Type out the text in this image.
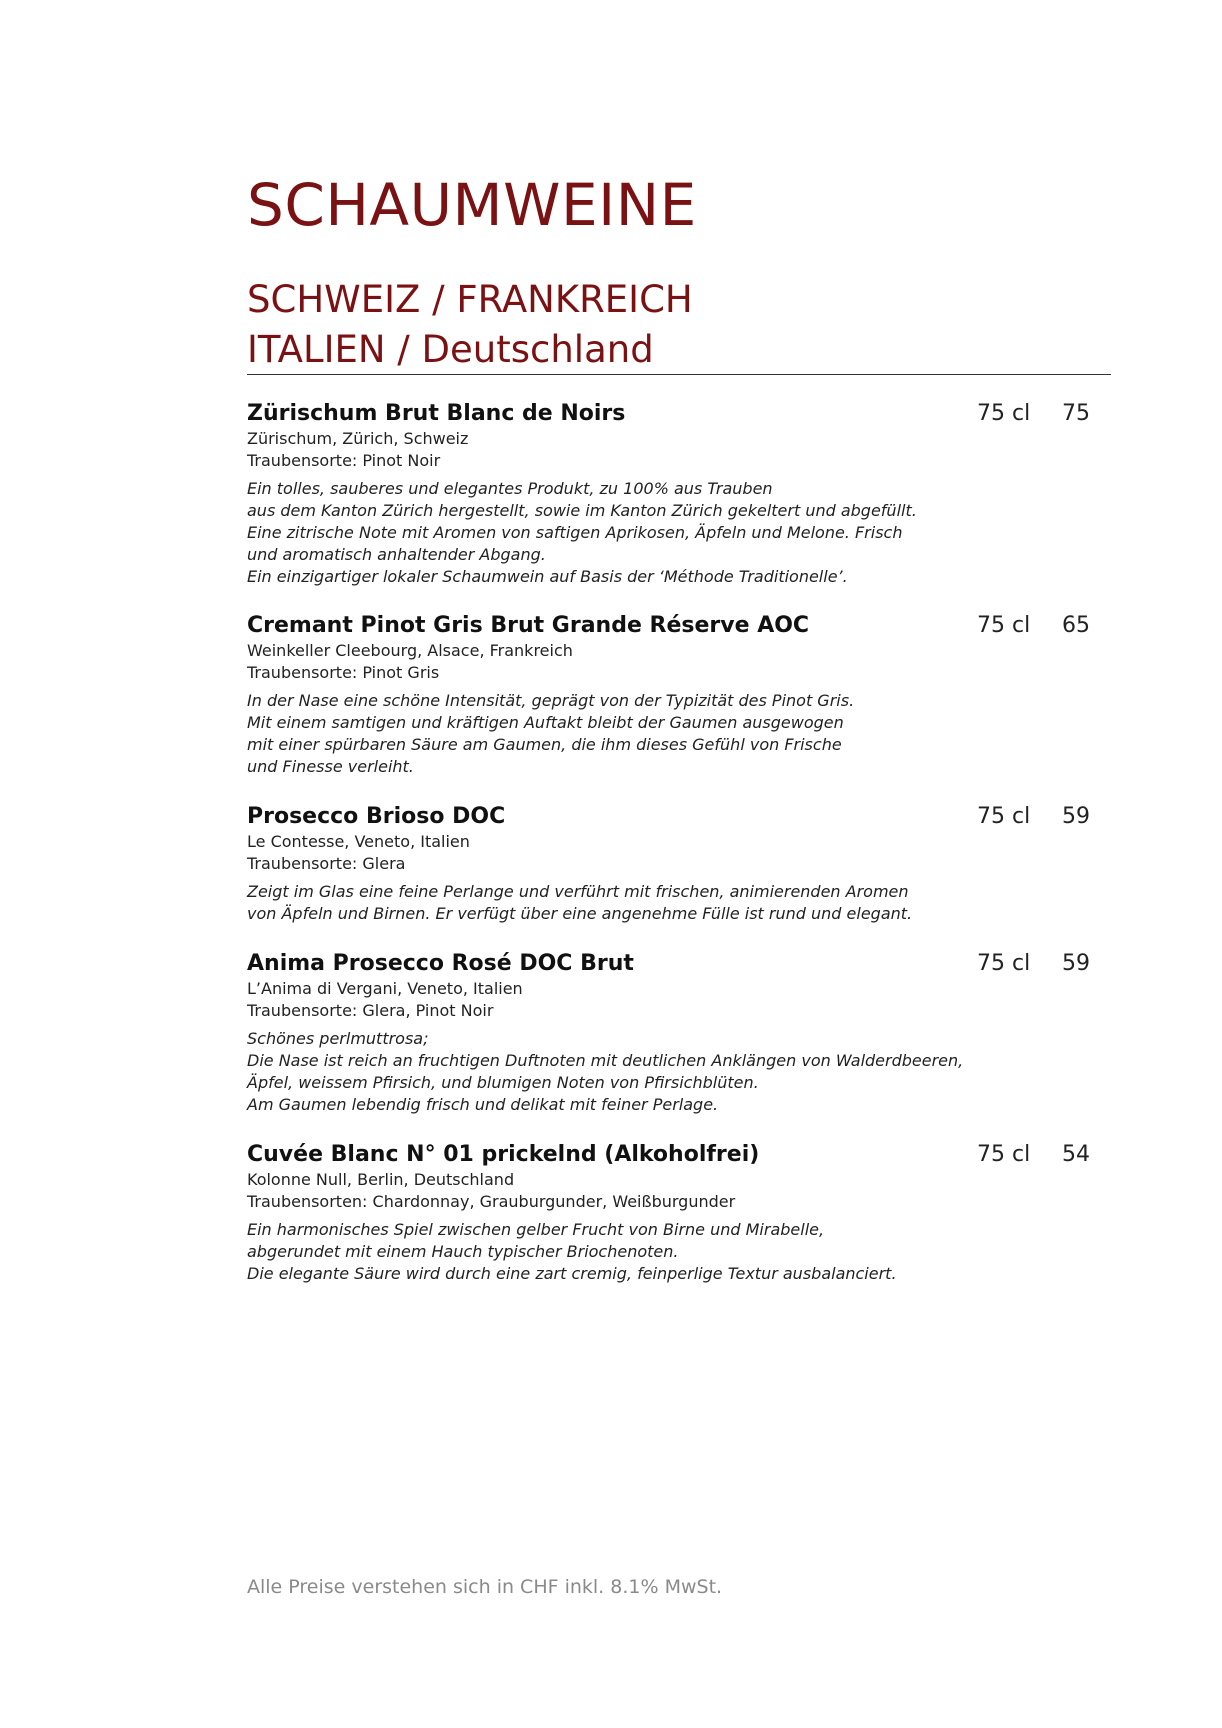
SCHAUMWEINE
SCHWEIZ / FRANKREICH
ITALIEN / Deutschland
Zürischum Brut Blanc de Noirs	75 cl 75
Zürischum, Zürich, Schweiz
Traubensorte: Pinot Noir
Ein tolles, sauberes und elegantes Produkt, zu 100% aus Trauben
aus dem Kanton Zürich hergestellt, sowie im Kanton Zürich gekeltert und abgefüllt.
Eine zitrische Note mit Aromen von saftigen Aprikosen, Äpfeln und Melone. Frisch
und aromatisch anhaltender Abgang.
Ein einzigartiger lokaler Schaumwein auf Basis der ‘Méthode Traditionelle’.
Cremant Pinot Gris Brut Grande Réserve AOC	75 cl 65
Weinkeller Cleebourg, Alsace, Frankreich
Traubensorte: Pinot Gris
In der Nase eine schöne Intensität, geprägt von der Typizität des Pinot Gris.
Mit einem samtigen und kräftigen Auftakt bleibt der Gaumen ausgewogen
mit einer spürbaren Säure am Gaumen, die ihm dieses Gefühl von Frische
und Finesse verleiht.
Prosecco Brioso DOC	75 cl 59
Le Contesse, Veneto, Italien
Traubensorte: Glera
Zeigt im Glas eine feine Perlange und verführt mit frischen, animierenden Aromen
von Äpfeln und Birnen. Er verfügt über eine angenehme Fülle ist rund und elegant.
Anima Prosecco Rosé DOC Brut	75 cl 59
L’Anima di Vergani, Veneto, Italien
Traubensorte: Glera, Pinot Noir
Schönes perlmuttrosa;
Die Nase ist reich an fruchtigen Duftnoten mit deutlichen Anklängen von Walderdbeeren,
Äpfel, weissem Pfirsich, und blumigen Noten von Pfirsichblüten.
Am Gaumen lebendig frisch und delikat mit feiner Perlage.
Cuvée Blanc N° 01 prickelnd (Alkoholfrei)	75 cl 54
Kolonne Null, Berlin, Deutschland
Traubensorten: Chardonnay, Grauburgunder, Weißburgunder
Ein harmonisches Spiel zwischen gelber Frucht von Birne und Mirabelle,
abgerundet mit einem Hauch typischer Briochenoten.
Die elegante Säure wird durch eine zart cremig, feinperlige Textur ausbalanciert.
Alle Preise verstehen sich in CHF inkl. 8.1% MwSt.
